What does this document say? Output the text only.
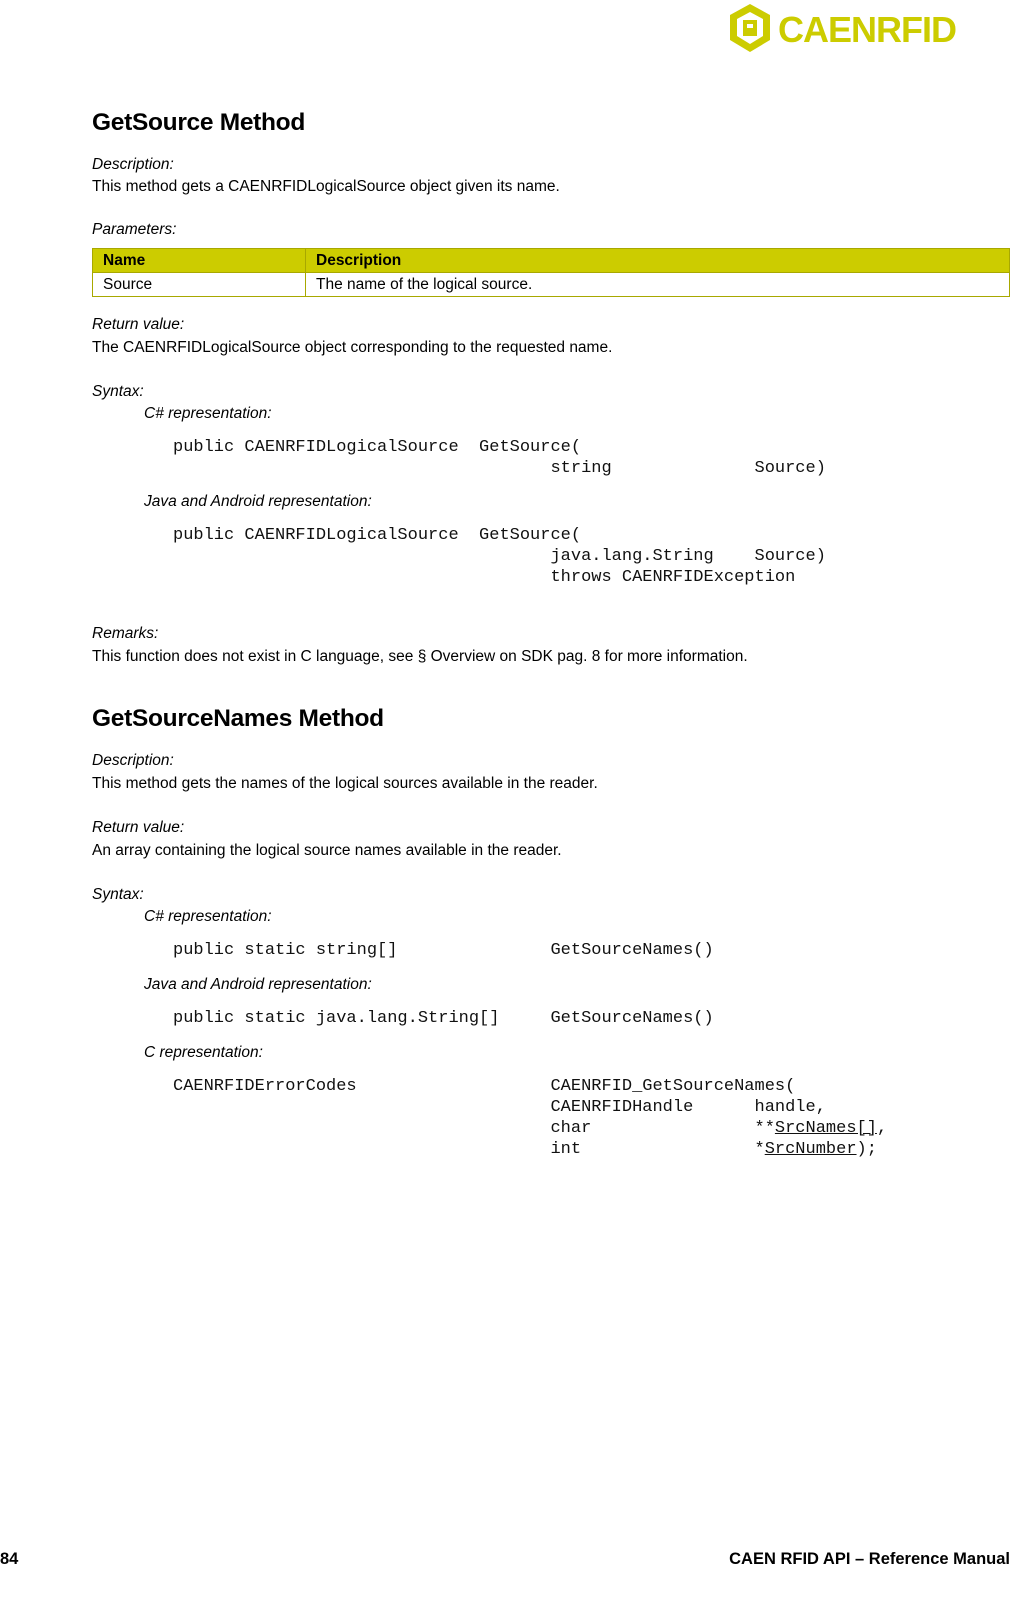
CAENRFID
GetSource Method
Description:
This method gets a CAENRFIDLogicalSource object given its name.
Parameters:
Name	Description
Source	The name of the logical source.
Return value:
The CAENRFIDLogicalSource object corresponding to the requested name.
Syntax:
C# representation:
public CAENRFIDLogicalSource  GetSource(
string              Source)
Java and Android representation:
public CAENRFIDLogicalSource  GetSource(
java.lang.String    Source)
throws CAENRFIDException
Remarks:
This function does not exist in C language, see § Overview on SDK pag. 8 for more information.
GetSourceNames Method
Description:
This method gets the names of the logical sources available in the reader.
Return value:
An array containing the logical source names available in the reader.
Syntax:
C# representation:
public static string[]               GetSourceNames()
Java and Android representation:
public static java.lang.String[]     GetSourceNames()
C representation:
CAENRFIDErrorCodes                   CAENRFID_GetSourceNames(
CAENRFIDHandle      handle,
char                **SrcNames[],
int                 *SrcNumber);
84	CAEN RFID API – Reference Manual
